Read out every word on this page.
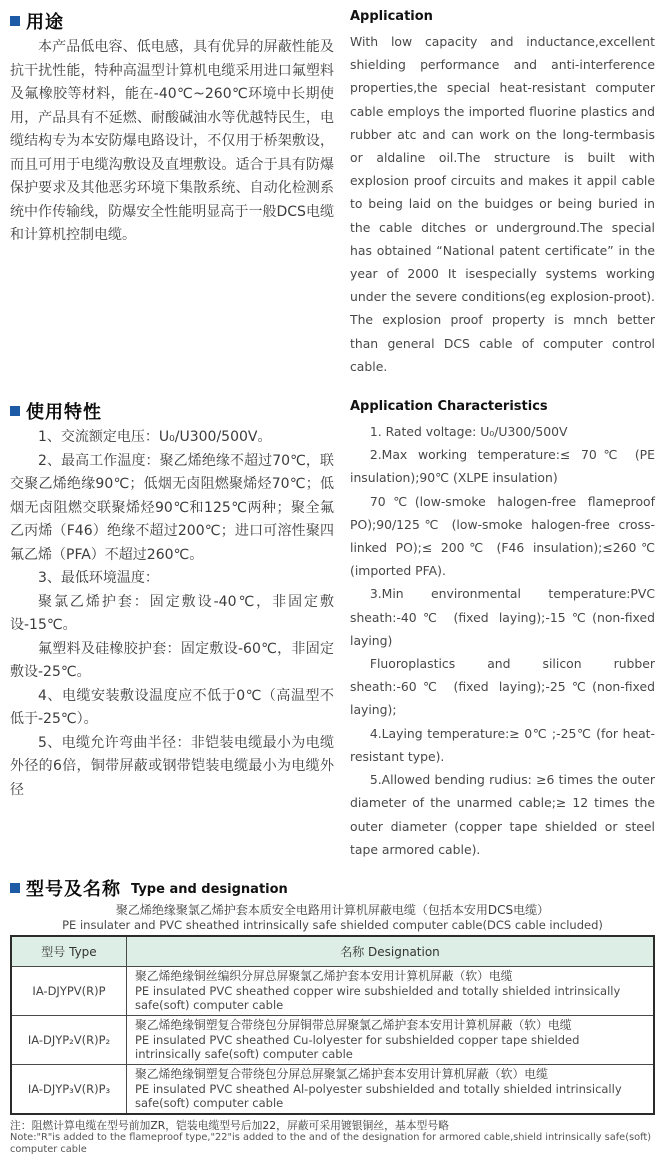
用途

本产品低电容、低电感，具有优异的屏蔽性能及抗干扰性能，特种高温型计算机电缆采用进口氟塑料及氟橡胶等材料，能在-40℃~260℃环境中长期使用，产品具有不延燃、耐酸碱油水等优越特民生，电缆结构专为本安防爆电路设计，不仅用于桥架敷设，而且可用于电缆沟敷设及直埋敷设。适合于具有防爆保护要求及其他恶劣环境下集散系统、自动化检测系统中作传输线，防爆安全性能明显高于一般DCS电缆和计算机控制电缆。

Application

With low capacity and inductance,excellent shielding performance and anti-interference properties,the special heat-resistant computer cable employs the imported fluorine plastics and rubber atc and can work on the long-termbasis or aldaline oil.The structure is built with explosion proof circuits and makes it appil cable to being laid on the buidges or being buried in the cable ditches or underground.The special has obtained “National patent certificate” in the year of 2000 It isespecially systems working under the severe conditions(eg explosion-proot). The explosion proof property is mnch better than general DCS cable of computer control cable.

使用特性

1、交流额定电压：U₀/U300/500V。

2、最高工作温度：聚乙烯绝缘不超过70℃，联交聚乙烯绝缘90℃；低烟无卤阻燃聚烯烃70℃；低烟无卤阻燃交联聚烯烃90℃和125℃两种；聚全氟乙丙烯（F46）绝缘不超过200℃；进口可溶性聚四氟乙烯（PFA）不超过260℃。

3、最低环境温度：

聚氯乙烯护套：固定敷设-40℃，非固定敷设-15℃。

氟塑料及硅橡胶护套：固定敷设-60℃，非固定敷设-25℃。

4、电缆安装敷设温度应不低于0℃（高温型不低于-25℃）。

5、电缆允许弯曲半径：非铠装电缆最小为电缆外径的6倍，铜带屏蔽或钢带铠装电缆最小为电缆外径

Application Characteristics

1. Rated voltage: U₀/U300/500V

2.Max working temperature:≤ 70℃ (PE insulation);90℃ (XLPE insulation)

70℃(low-smoke halogen-free flameproof PO);90/125℃ (low-smoke halogen-free cross-linked PO);≤ 200℃ (F46 insulation);≤260℃(imported PFA).

3.Min environmental temperature:PVC sheath:-40℃ (fixed laying);-15℃(non-fixed laying)

Fluoroplastics and silicon rubber sheath:-60℃ (fixed laying);-25℃(non-fixed laying);

4.Laying temperature:≥ 0℃ ;-25℃ (for heat-resistant type).

5.Allowed bending rudius: ≥6 times the outer diameter of the unarmed cable;≥ 12 times the outer diameter (copper tape shielded or steel tape armored cable).

型号及名称 Type and designation
聚乙烯绝缘聚氯乙烯护套本质安全电路用计算机屏蔽电缆（包括本安用DCS电缆）
PE insulater and PVC sheathed intrinsically safe shielded computer cable(DCS cable included)
型号 Type	名称 Designation
IA-DJYPV(R)P	聚乙烯绝缘铜丝编织分屏总屏聚氯乙烯护套本安用计算机屏蔽（软）电缆
PE insulated PVC sheathed copper wire subshielded and totally shielded intrinsically safe(soft) computer cable

IA-DJYP₂V(R)P₂	聚乙烯绝缘铜塑复合带绕包分屏铜带总屏聚氯乙烯护套本安用计算机屏蔽（软）电缆
PE insulated PVC sheathed Cu-lolyester for subshielded copper tape shielded intrinsically safe(soft) computer cable

IA-DJYP₃V(R)P₃	聚乙烯绝缘铜塑复合带绕包分屏总屏聚氯乙烯护套本安用计算机屏蔽（软）电缆
PE insulated PVC sheathed Al-polyester subshielded and totally shielded intrinsically safe(soft) computer cable
注：阻燃计算电缆在型号前加ZR，铠装电缆型号后加22，屏蔽可采用镀银铜丝，基本型号略
Note:"R"is added to the flameproof type,"22"is added to the and of the designation for armored cable,shield intrinsically safe(soft) computer cable
